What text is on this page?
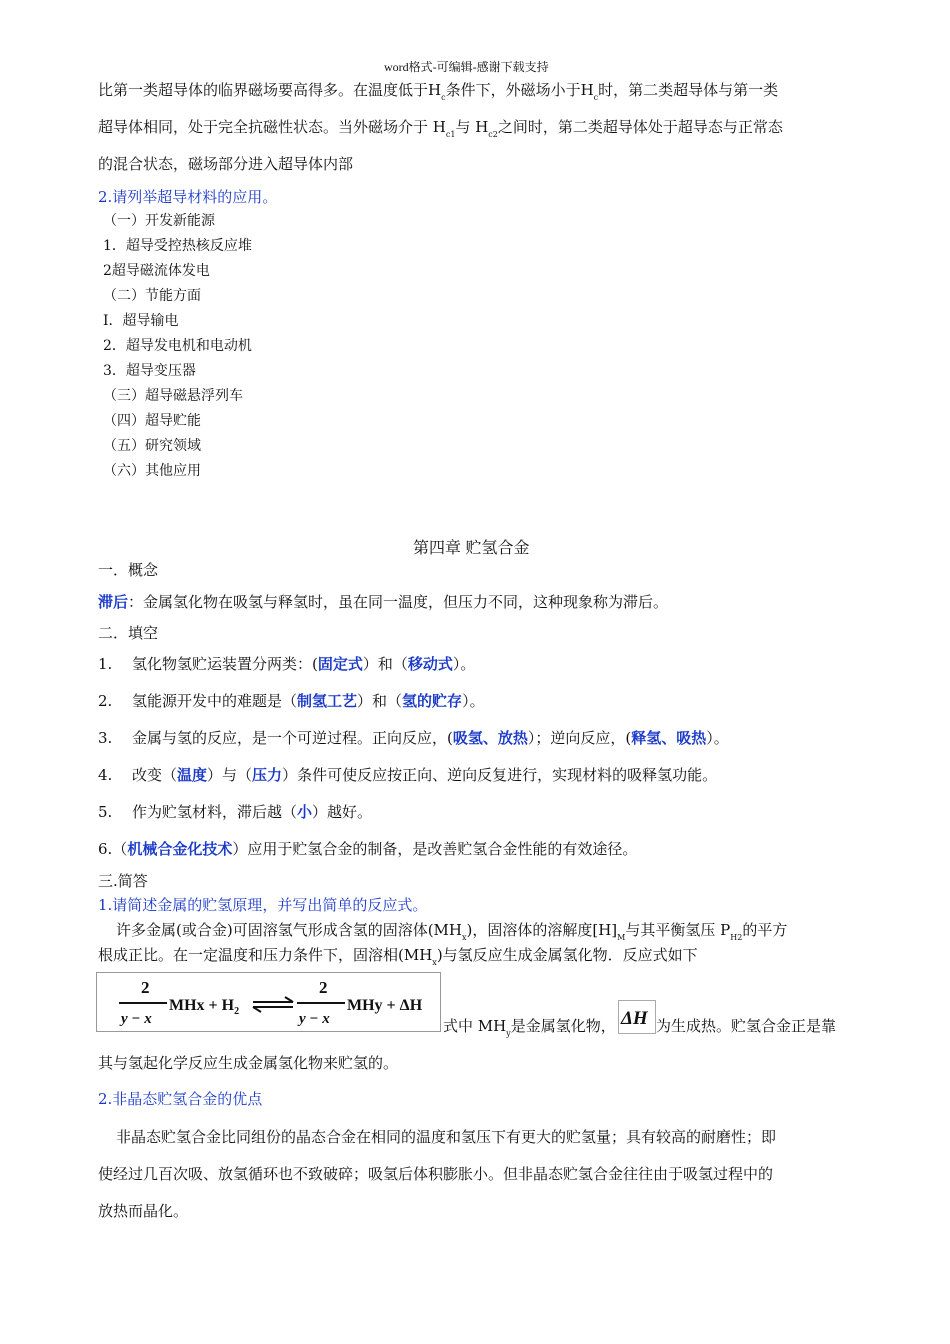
word格式-可编辑-感谢下载支持
比第一类超导体的临界磁场要高得多。在温度低于$H_c$条件下，外磁场小于$H_c$时，第二类超导体与第一类
超导体相同，处于完全抗磁性状态。当外磁场介于 $H_{c1}$与 $H_{c2}$之间时，第二类超导体处于超导态与正常态
的混合状态，磁场部分进入超导体内部
2.请列举超导材料的应用。
（一）开发新能源
1．超导受控热核反应堆
2超导磁流体发电
（二）节能方面
Ⅰ．超导输电
2．超导发电机和电动机
3．超导变压器
（三）超导磁悬浮列车
（四）超导贮能
（五）研究领域
（六）其他应用
第四章 贮氢合金
一．概念
滞后：金属氢化物在吸氢与释氢时，虽在同一温度，但压力不同，这种现象称为滞后。
二．填空
1. 氢化物氢贮运装置分两类：(固定式）和（移动式）。
2. 氢能源开发中的难题是（制氢工艺）和（氢的贮存）。
3. 金属与氢的反应，是一个可逆过程。正向反应，(吸氢、放热）；逆向反应，(释氢、吸热）。
4. 改变（温度）与（压力）条件可使反应按正向、逆向反复进行，实现材料的吸释氢功能。
5. 作为贮氢材料，滞后越（小）越好。
6.（机械合金化技术）应用于贮氢合金的制备，是改善贮氢合金性能的有效途径。
三.简答
1.请简述金属的贮氢原理，并写出简单的反应式。
许多金属(或合金)可固溶氢气形成含氢的固溶体$(MH_x)$，固溶体的溶解度$[H]_M$与其平衡氢压 $P_{H2}$的平方
根成正比。在一定温度和压力条件下，固溶相$(MH_x)$与氢反应生成金属氢化物．反应式如下
2
y − x
MHx + $H_2$
2
y − x
MHy + ΔH
式中 $MH_y$是金属氢化物， ΔH 为生成热。贮氢合金正是靠
其与氢起化学反应生成金属氢化物来贮氢的。
2.非晶态贮氢合金的优点
非晶态贮氢合金比同组份的晶态合金在相同的温度和氢压下有更大的贮氢量；具有较高的耐磨性；即
使经过几百次吸、放氢循环也不致破碎；吸氢后体积膨胀小。但非晶态贮氢合金往往由于吸氢过程中的
放热而晶化。
